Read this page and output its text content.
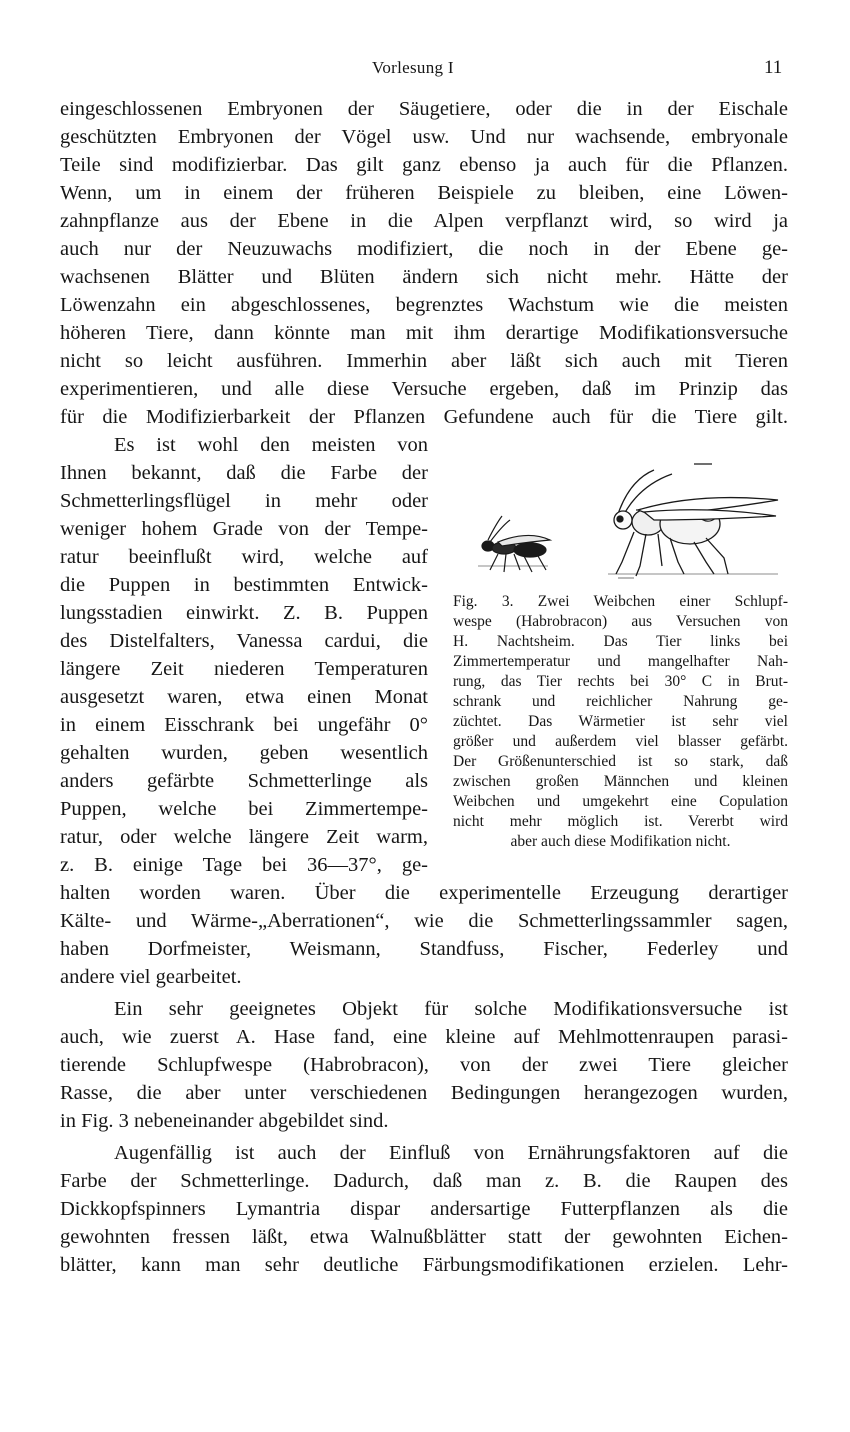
Vorlesung I	11
eingeschlossenen Embryonen der Säugetiere, oder die in der Eischale
geschützten Embryonen der Vögel usw. Und nur wachsende, embryonale
Teile sind modifizierbar. Das gilt ganz ebenso ja auch für die Pflanzen.
Wenn, um in einem der früheren Beispiele zu bleiben, eine Löwen-
zahnpflanze aus der Ebene in die Alpen verpflanzt wird, so wird ja
auch nur der Neuzuwachs modifiziert, die noch in der Ebene ge-
wachsenen Blätter und Blüten ändern sich nicht mehr. Hätte der
Löwenzahn ein abgeschlossenes, begrenztes Wachstum wie die meisten
höheren Tiere, dann könnte man mit ihm derartige Modifikationsversuche
nicht so leicht ausführen. Immerhin aber läßt sich auch mit Tieren
experimentieren, und alle diese Versuche ergeben, daß im Prinzip das
für die Modifizierbarkeit der Pflanzen Gefundene auch für die Tiere gilt.
Es ist wohl den meisten von
Ihnen bekannt, daß die Farbe der
Schmetterlingsflügel in mehr oder
weniger hohem Grade von der Tempe-
ratur beeinflußt wird, welche auf
die Puppen in bestimmten Entwick-
lungsstadien einwirkt. Z. B. Puppen
des Distelfalters, Vanessa cardui, die
längere Zeit niederen Temperaturen
ausgesetzt waren, etwa einen Monat
in einem Eisschrank bei ungefähr 0°
gehalten wurden, geben wesentlich
anders gefärbte Schmetterlinge als
Puppen, welche bei Zimmertempe-
ratur, oder welche längere Zeit warm,
z. B. einige Tage bei 36—37°, ge-
halten worden waren. Über die experimentelle Erzeugung derartiger
Kälte- und Wärme-„Aberrationen“, wie die Schmetterlingssammler sagen,
haben Dorfmeister, Weismann, Standfuss, Fischer, Federley und
andere viel gearbeitet.
Ein sehr geeignetes Objekt für solche Modifikationsversuche ist
auch, wie zuerst A. Hase fand, eine kleine auf Mehlmottenraupen parasi-
tierende Schlupfwespe (Habrobracon), von der zwei Tiere gleicher
Rasse, die aber unter verschiedenen Bedingungen herangezogen wurden,
in Fig. 3 nebeneinander abgebildet sind.
Augenfällig ist auch der Einfluß von Ernährungsfaktoren auf die
Farbe der Schmetterlinge. Dadurch, daß man z. B. die Raupen des
Dickkopfspinners Lymantria dispar andersartige Futterpflanzen als die
gewohnten fressen läßt, etwa Walnußblätter statt der gewohnten Eichen-
blätter, kann man sehr deutliche Färbungsmodifikationen erzielen. Lehr-
Fig. 3. Zwei Weibchen einer Schlupf-
wespe (Habrobracon) aus Versuchen von
H. Nachtsheim. Das Tier links bei
Zimmertemperatur und mangelhafter Nah-
rung, das Tier rechts bei 30° C in Brut-
schrank und reichlicher Nahrung ge-
züchtet. Das Wärmetier ist sehr viel
größer und außerdem viel blasser gefärbt.
Der Größenunterschied ist so stark, daß
zwischen großen Männchen und kleinen
Weibchen und umgekehrt eine Copulation
nicht mehr möglich ist. Vererbt wird
aber auch diese Modifikation nicht.
